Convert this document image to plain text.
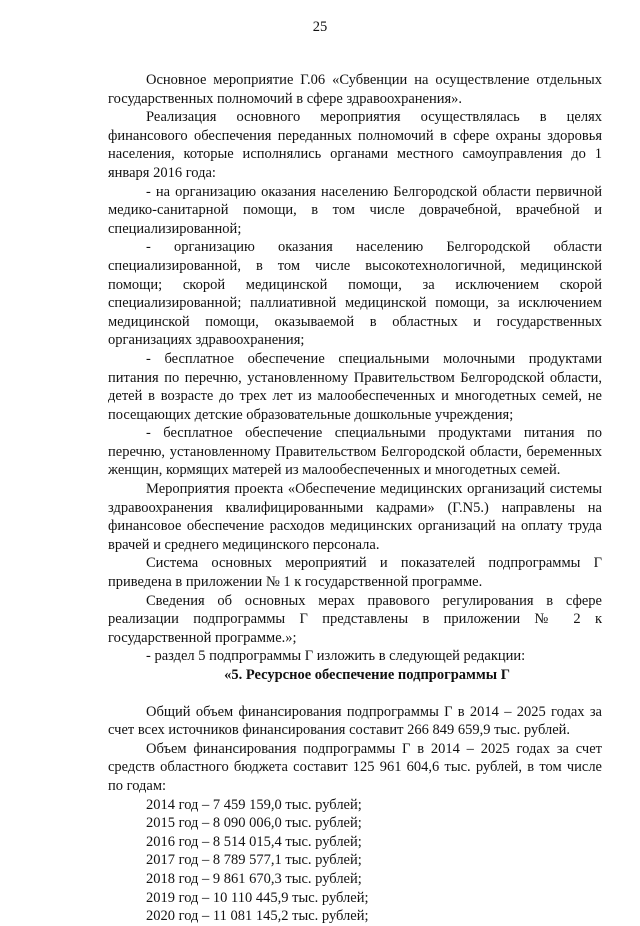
25

Основное мероприятие Г.06 «Субвенции на осуществление отдельных государственных полномочий в сфере здравоохранения».

Реализация основного мероприятия осуществлялась в целях финансового обеспечения переданных полномочий в сфере охраны здоровья населения, которые исполнялись органами местного самоуправления до 1 января 2016 года:

- на организацию оказания населению Белгородской области первичной медико-санитарной помощи, в том числе доврачебной, врачебной и специализированной;

- организацию оказания населению Белгородской области специализированной, в том числе высокотехнологичной, медицинской помощи; скорой медицинской помощи, за исключением скорой специализированной; паллиативной медицинской помощи, за исключением медицинской помощи, оказываемой в областных и государственных организациях здравоохранения;

- бесплатное обеспечение специальными молочными продуктами питания по перечню, установленному Правительством Белгородской области, детей в возрасте до трех лет из малообеспеченных и многодетных семей, не посещающих детские образовательные дошкольные учреждения;

- бесплатное обеспечение специальными продуктами питания по перечню, установленному Правительством Белгородской области, беременных женщин, кормящих матерей из малообеспеченных и многодетных семей.

Мероприятия проекта «Обеспечение медицинских организаций системы здравоохранения квалифицированными кадрами» (Г.N5.) направлены на финансовое обеспечение расходов медицинских организаций на оплату труда врачей и среднего медицинского персонала.

Система основных мероприятий и показателей подпрограммы Г приведена в приложении № 1 к государственной программе.

Сведения об основных мерах правового регулирования в сфере реализации подпрограммы Г представлены в приложении № 2 к государственной программе.»;

- раздел 5 подпрограммы Г изложить в следующей редакции:

«5. Ресурсное обеспечение подпрограммы Г

Общий объем финансирования подпрограммы Г в 2014 – 2025 годах за счет всех источников финансирования составит 266 849 659,9 тыс. рублей.

Объем финансирования подпрограммы Г в 2014 – 2025 годах за счет средств областного бюджета составит 125 961 604,6 тыс. рублей, в том числе по годам:

2014 год – 7 459 159,0 тыс. рублей;
2015 год – 8 090 006,0 тыс. рублей;
2016 год – 8 514 015,4 тыс. рублей;
2017 год – 8 789 577,1 тыс. рублей;
2018 год – 9 861 670,3 тыс. рублей;
2019 год – 10 110 445,9 тыс. рублей;
2020 год – 11 081 145,2 тыс. рублей;
